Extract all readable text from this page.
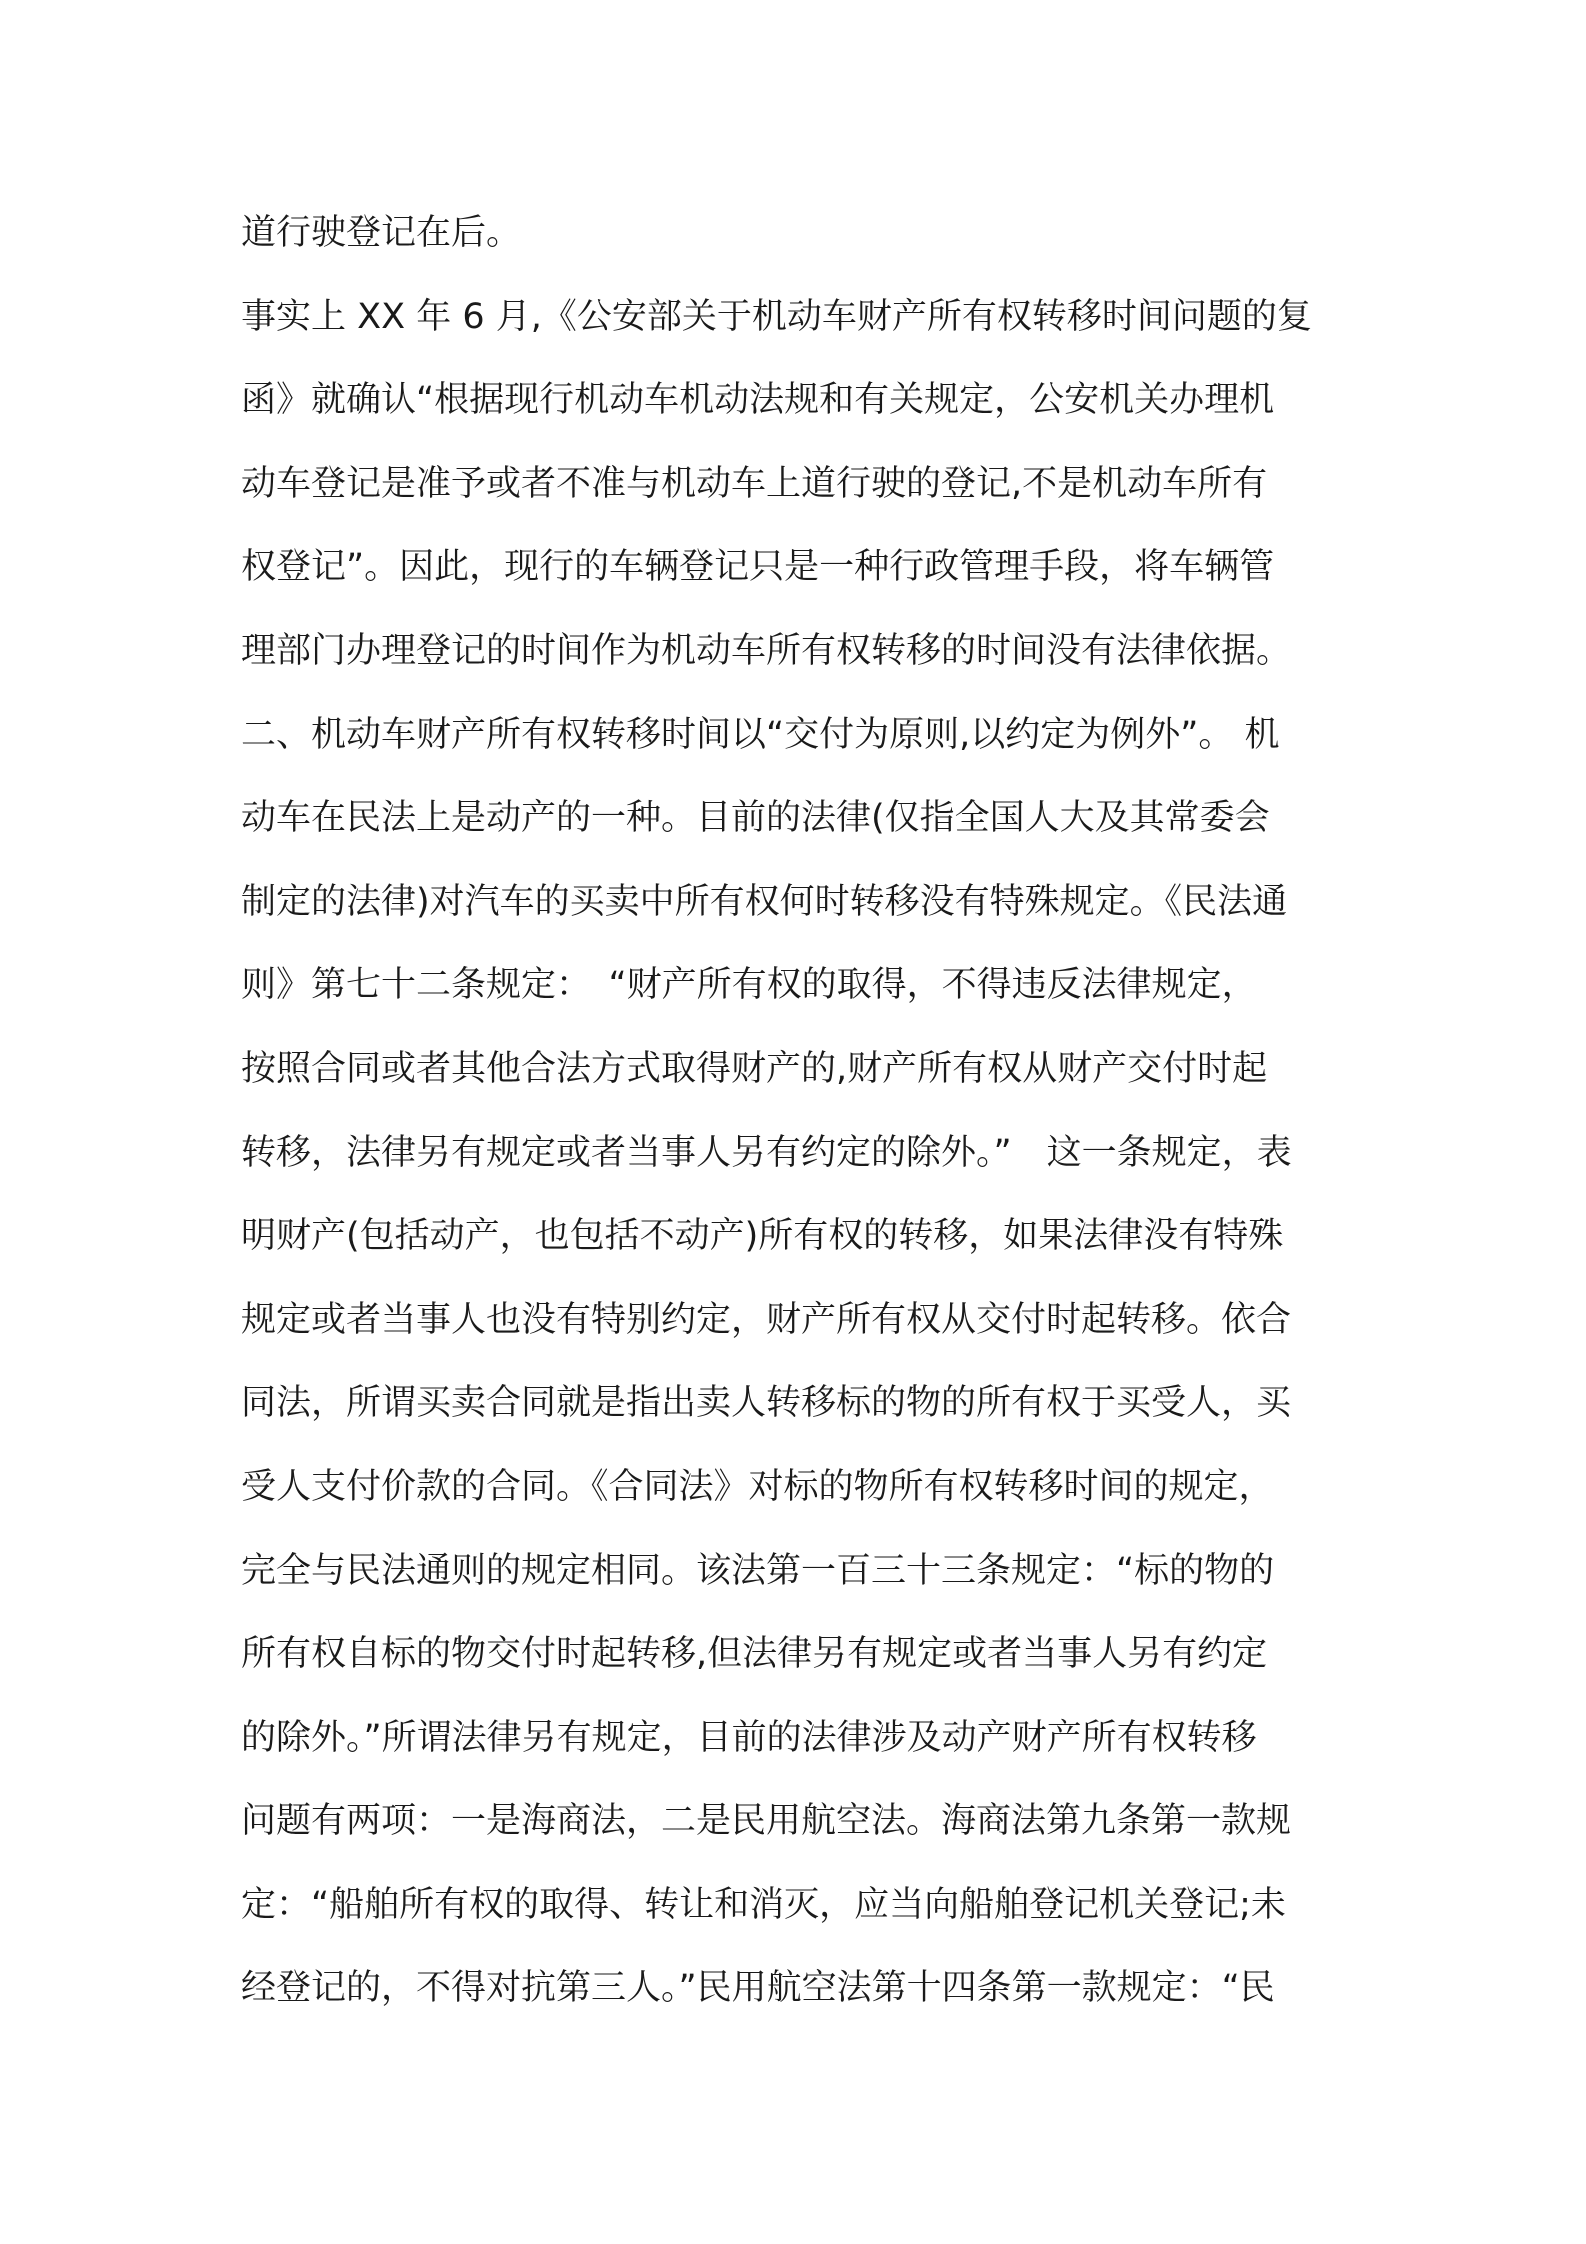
道行驶登记在后。
事实上 XX 年 6 月,《公安部关于机动车财产所有权转移时间问题的复
函》就确认“根据现行机动车机动法规和有关规定，公安机关办理机
动车登记是准予或者不准与机动车上道行驶的登记,不是机动车所有
权登记”。因此，现行的车辆登记只是一种行政管理手段，将车辆管
理部门办理登记的时间作为机动车所有权转移的时间没有法律依据。
二、机动车财产所有权转移时间以“交付为原则,以约定为例外”。 机
动车在民法上是动产的一种。目前的法律(仅指全国人大及其常委会
制定的法律)对汽车的买卖中所有权何时转移没有特殊规定。《民法通
则》第七十二条规定：　“财产所有权的取得，不得违反法律规定，
按照合同或者其他合法方式取得财产的,财产所有权从财产交付时起
转移，法律另有规定或者当事人另有约定的除外。”　这一条规定，表
明财产(包括动产，也包括不动产)所有权的转移，如果法律没有特殊
规定或者当事人也没有特别约定，财产所有权从交付时起转移。依合
同法，所谓买卖合同就是指出卖人转移标的物的所有权于买受人，买
受人支付价款的合同。《合同法》对标的物所有权转移时间的规定，
完全与民法通则的规定相同。该法第一百三十三条规定：“标的物的
所有权自标的物交付时起转移,但法律另有规定或者当事人另有约定
的除外。”所谓法律另有规定，目前的法律涉及动产财产所有权转移
问题有两项：一是海商法，二是民用航空法。海商法第九条第一款规
定：“船舶所有权的取得、转让和消灭，应当向船舶登记机关登记;未
经登记的，不得对抗第三人。”民用航空法第十四条第一款规定：“民
